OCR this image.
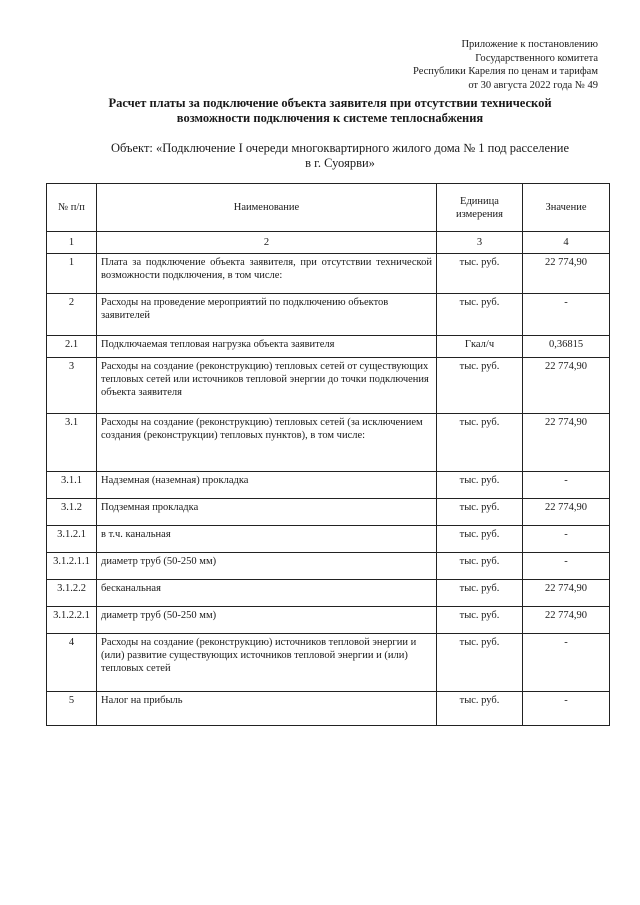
Приложение к постановлению
Государственного комитета
Республики Карелия по ценам и тарифам
от 30 августа 2022 года № 49
Расчет платы за подключение объекта заявителя при отсутствии технической
возможности подключения к системе теплоснабжения
Объект: «Подключение I очереди многоквартирного жилого дома № 1 под расселение
в г. Суоярви»
№ п/п	Наименование	Единица измерения	Значение
1	2	3	4
1	Плата за подключение объекта заявителя, при отсутствии технической возможности подключения, в том числе:	тыс. руб.	22 774,90
2	Расходы на проведение мероприятий по подключению объектов заявителей	тыс. руб.	-
2.1	Подключаемая тепловая нагрузка объекта заявителя	Гкал/ч	0,36815
3	Расходы на создание (реконструкцию) тепловых сетей от существующих тепловых сетей или источников тепловой энергии до точки подключения объекта заявителя	тыс. руб.	22 774,90
3.1	Расходы на создание (реконструкцию) тепловых сетей (за исключением создания (реконструкции) тепловых пунктов), в том числе:	тыс. руб.	22 774,90
3.1.1	Надземная (наземная) прокладка	тыс. руб.	-
3.1.2	Подземная прокладка	тыс. руб.	22 774,90
3.1.2.1	в т.ч. канальная	тыс. руб.	-
3.1.2.1.1	диаметр труб (50-250 мм)	тыс. руб.	-
3.1.2.2	бесканальная	тыс. руб.	22 774,90
3.1.2.2.1	диаметр труб (50-250 мм)	тыс. руб.	22 774,90
4	Расходы на создание (реконструкцию) источников тепловой энергии и (или) развитие существующих источников тепловой энергии и (или) тепловых сетей	тыс. руб.	-
5	Налог на прибыль	тыс. руб.	-
